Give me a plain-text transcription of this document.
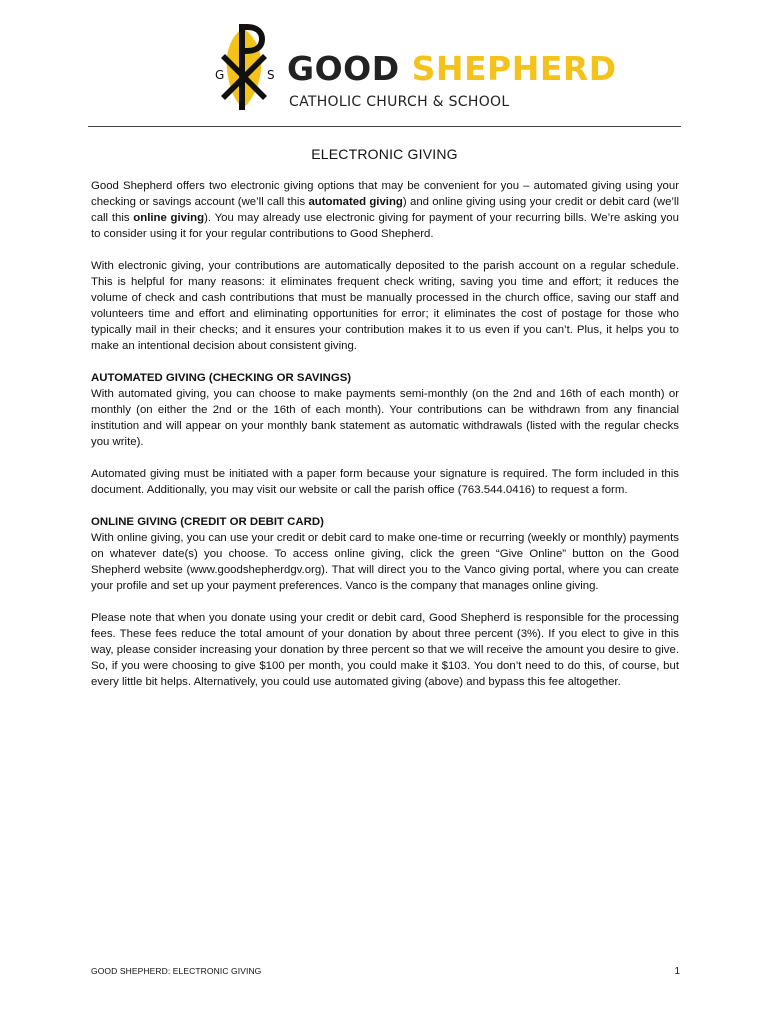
G	S GOOD SHEPHERD
CATHOLIC CHURCH & SCHOOL
ELECTRONIC GIVING

Good Shepherd offers two electronic giving options that may be convenient for you – automated giving using your checking or savings account (we’ll call this automated giving) and online giving using your credit or debit card (we’ll call this online giving). You may already use electronic giving for payment of your recurring bills. We’re asking you to consider using it for your regular contributions to Good Shepherd.

With electronic giving, your contributions are automatically deposited to the parish account on a regular schedule. This is helpful for many reasons: it eliminates frequent check writing, saving you time and effort; it reduces the volume of check and cash contributions that must be manually processed in the church office, saving our staff and volunteers time and effort and eliminating opportunities for error; it eliminates the cost of postage for those who typically mail in their checks; and it ensures your contribution makes it to us even if you can’t. Plus, it helps you to make an intentional decision about consistent giving.

AUTOMATED GIVING (CHECKING OR SAVINGS)

With automated giving, you can choose to make payments semi-monthly (on the 2nd and 16th of each month) or monthly (on either the 2nd or the 16th of each month). Your contributions can be withdrawn from any financial institution and will appear on your monthly bank statement as automatic withdrawals (listed with the regular checks you write).

Automated giving must be initiated with a paper form because your signature is required. The form included in this document. Additionally, you may visit our website or call the parish office (763.544.0416) to request a form.

ONLINE GIVING (CREDIT OR DEBIT CARD)

With online giving, you can use your credit or debit card to make one-time or recurring (weekly or monthly) payments on whatever date(s) you choose. To access online giving, click the green “Give Online” button on the Good Shepherd website (www.goodshepherdgv.org). That will direct you to the Vanco giving portal, where you can create your profile and set up your payment preferences. Vanco is the company that manages online giving.

Please note that when you donate using your credit or debit card, Good Shepherd is responsible for the processing fees. These fees reduce the total amount of your donation by about three percent (3%). If you elect to give in this way, please consider increasing your donation by three percent so that we will receive the amount you desire to give. So, if you were choosing to give $100 per month, you could make it $103. You don’t need to do this, of course, but every little bit helps. Alternatively, you could use automated giving (above) and bypass this fee altogether.

GOOD SHEPHERD: ELECTRONIC GIVING	1
